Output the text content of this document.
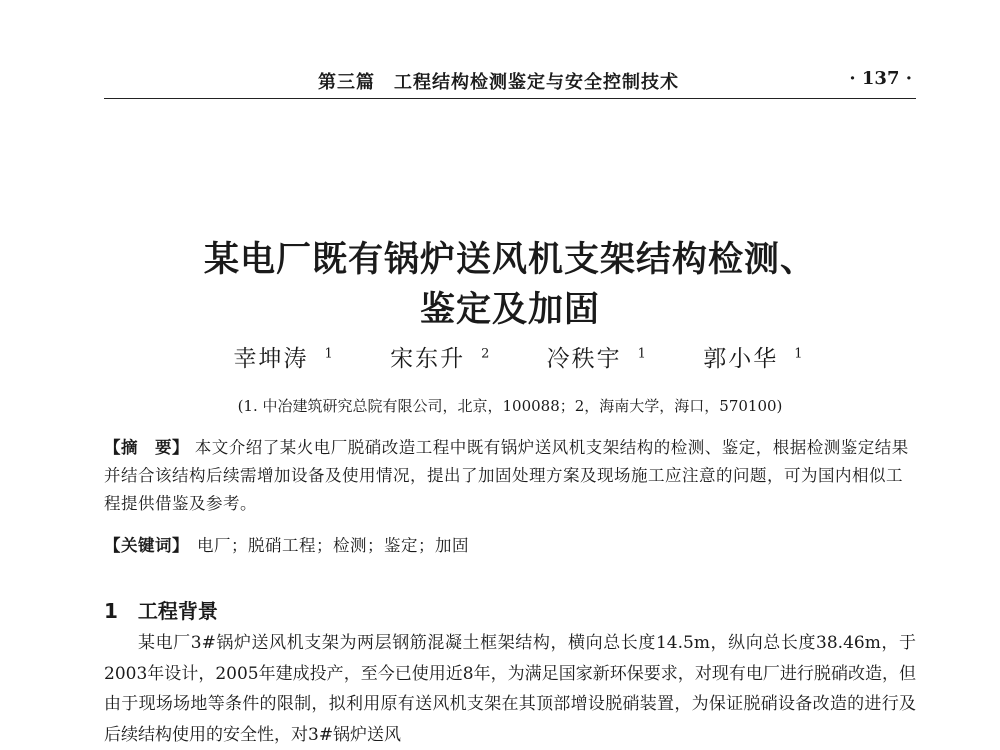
第三篇　工程结构检测鉴定与安全控制技术	· 137 ·
某电厂既有锅炉送风机支架结构检测、
鉴定及加固
幸坤涛 $^1$ 宋东升 $^2$ 冷秩宇 $^1$ 郭小华 $^1$
(1. 中冶建筑研究总院有限公司，北京，100088；2，海南大学，海口，570100)
【摘　要】 本文介绍了某火电厂脱硝改造工程中既有锅炉送风机支架结构的检测、鉴定，根据检测鉴定结果并结合该结构后续需增加设备及使用情况，提出了加固处理方案及现场施工应注意的问题，可为国内相似工程提供借鉴及参考。
【关键词】 电厂；脱硝工程；检测；鉴定；加固
1 工程背景
某电厂3#锅炉送风机支架为两层钢筋混凝土框架结构，横向总长度14.5m，纵向总长度38.46m，于2003年设计，2005年建成投产，至今已使用近8年，为满足国家新环保要求，对现有电厂进行脱硝改造，但由于现场场地等条件的限制，拟利用原有送风机支架在其顶部增设脱硝装置，为保证脱硝设备改造的进行及后续结构使用的安全性，对3#锅炉送风
